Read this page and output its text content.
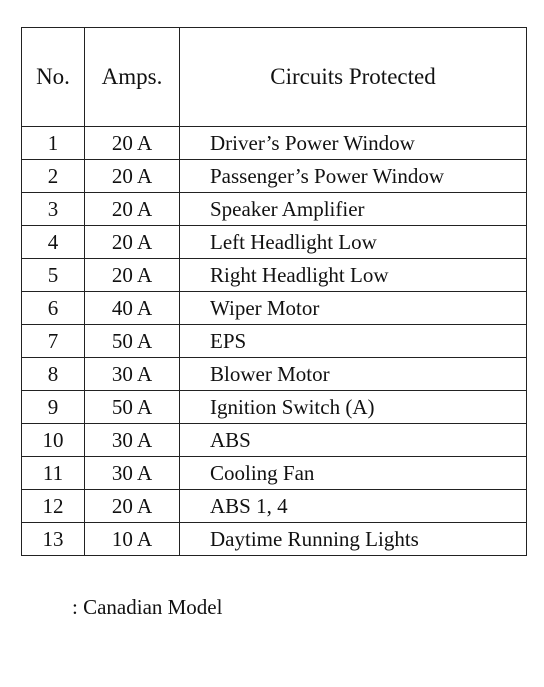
No.	Amps.	Circuits Protected
1	20 A	Driver’s Power Window
2	20 A	Passenger’s Power Window
3	20 A	Speaker Amplifier
4	20 A	Left Headlight Low
5	20 A	Right Headlight Low
6	40 A	Wiper Motor
7	50 A	EPS
8	30 A	Blower Motor
9	50 A	Ignition Switch (A)
10	30 A	ABS
11	30 A	Cooling Fan
12	20 A	ABS 1, 4
13	10 A	Daytime Running Lights
: Canadian Model
